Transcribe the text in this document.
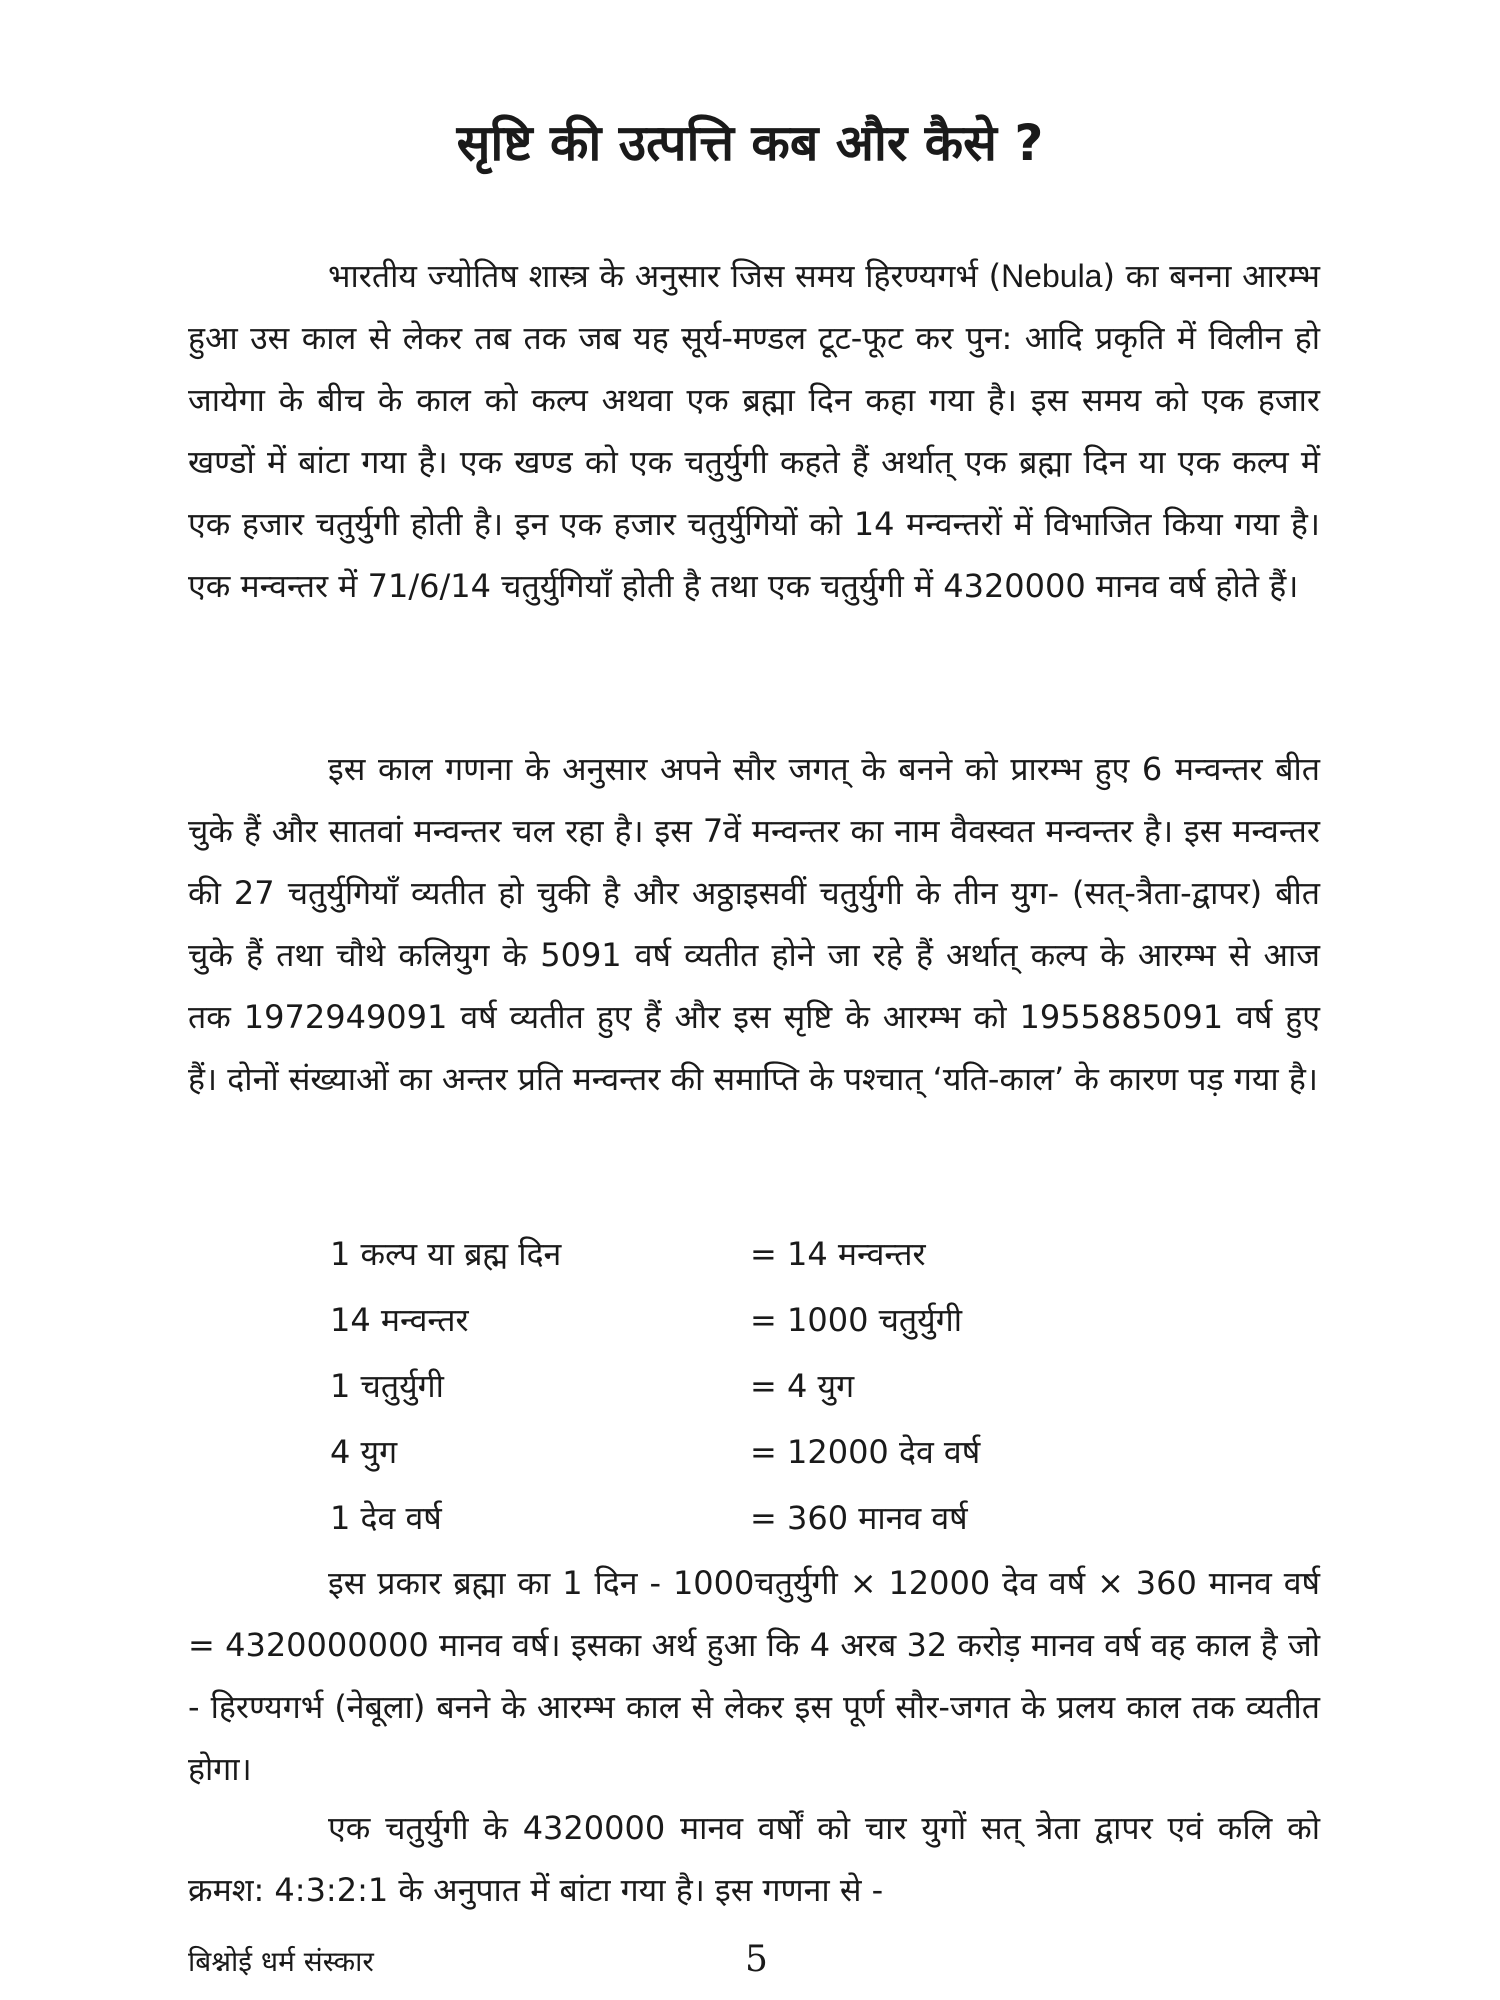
सृष्टि की उत्पत्ति कब और कैसे ?

भारतीय ज्योतिष शास्त्र के अनुसार जिस समय हिरण्यगर्भ (Nebula) का बनना आरम्भ हुआ उस काल से लेकर तब तक जब यह सूर्य-मण्डल टूट-फूट कर पुन: आदि प्रकृति में विलीन हो जायेगा के बीच के काल को कल्प अथवा एक ब्रह्मा दिन कहा गया है। इस समय को एक हजार खण्डों में बांटा गया है। एक खण्ड को एक चतुर्युगी कहते हैं अर्थात् एक ब्रह्मा दिन या एक कल्प में एक हजार चतुर्युगी होती है। इन एक हजार चतुर्युगियों को 14 मन्वन्तरों में विभाजित किया गया है। एक मन्वन्तर में 71/6/14 चतुर्युगियाँ होती है तथा एक चतुर्युगी में 4320000 मानव वर्ष होते हैं।

इस काल गणना के अनुसार अपने सौर जगत् के बनने को प्रारम्भ हुए 6 मन्वन्तर बीत चुके हैं और सातवां मन्वन्तर चल रहा है। इस 7वें मन्वन्तर का नाम वैवस्वत मन्वन्तर है। इस मन्वन्तर की 27 चतुर्युगियाँ व्यतीत हो चुकी है और अठ्ठाइसवीं चतुर्युगी के तीन युग- (सत्-त्रैता-द्वापर) बीत चुके हैं तथा चौथे कलियुग के 5091 वर्ष व्यतीत होने जा रहे हैं अर्थात् कल्प के आरम्भ से आज तक 1972949091 वर्ष व्यतीत हुए हैं और इस सृष्टि के आरम्भ को 1955885091 वर्ष हुए हैं। दोनों संख्याओं का अन्तर प्रति मन्वन्तर की समाप्ति के पश्चात् ‘यति-काल’ के कारण पड़ गया है।

1 कल्प या ब्रह्म दिन	= 14 मन्वन्तर
14 मन्वन्तर	= 1000 चतुर्युगी
1 चतुर्युगी	= 4 युग
4 युग	= 12000 देव वर्ष
1 देव वर्ष	= 360 मानव वर्ष

इस प्रकार ब्रह्मा का 1 दिन - 1000चतुर्युगी × 12000 देव वर्ष × 360 मानव वर्ष = 4320000000 मानव वर्ष। इसका अर्थ हुआ कि 4 अरब 32 करोड़ मानव वर्ष वह काल है जो - हिरण्यगर्भ (नेबूला) बनने के आरम्भ काल से लेकर इस पूर्ण सौर-जगत के प्रलय काल तक व्यतीत होगा।

एक चतुर्युगी के 4320000 मानव वर्षों को चार युगों सत् त्रेता द्वापर एवं कलि को क्रमश: 4:3:2:1 के अनुपात में बांटा गया है। इस गणना से -

बिश्नोई धर्म संस्कार	5
